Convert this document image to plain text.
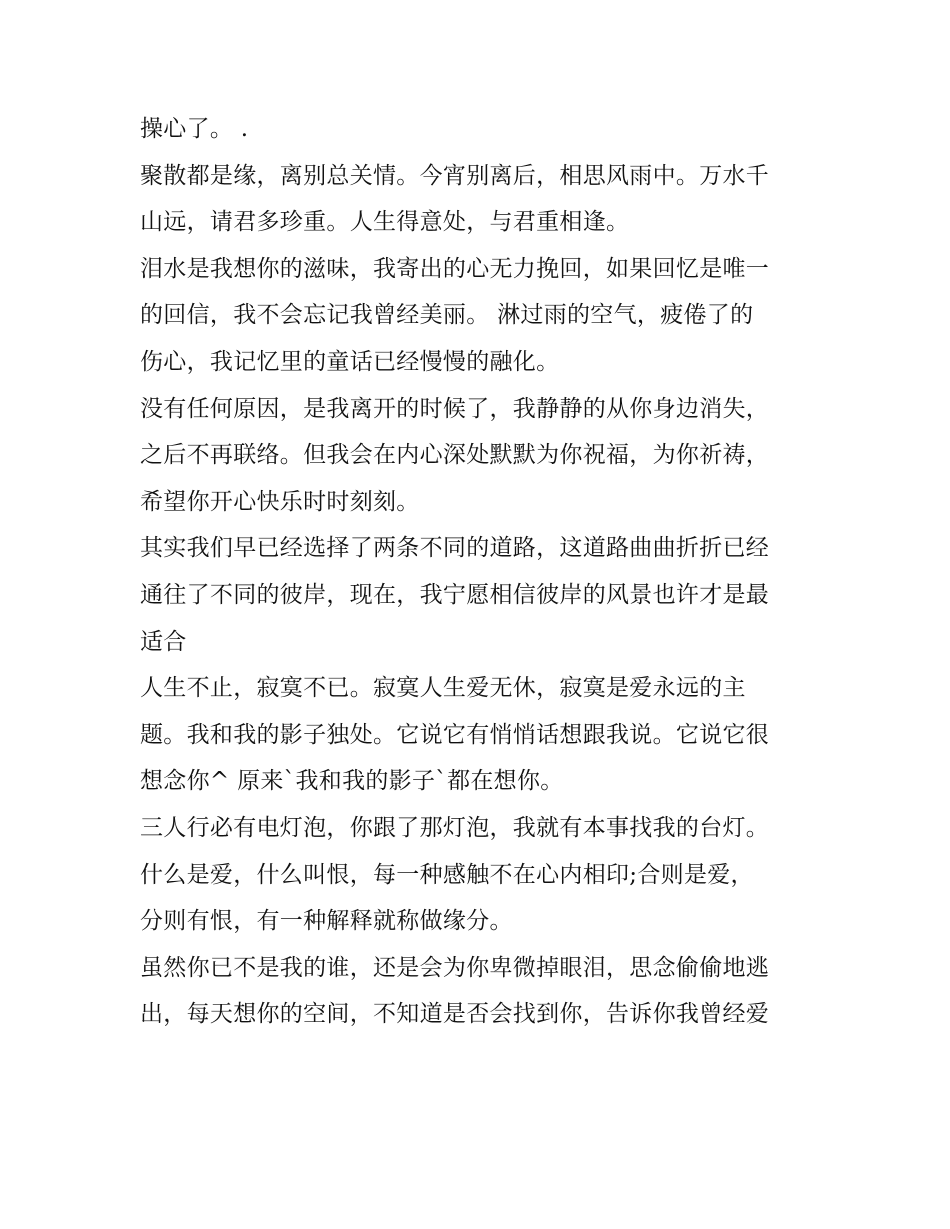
操心了。 .
聚散都是缘，离别总关情。今宵别离后，相思风雨中。万水千
山远，请君多珍重。人生得意处，与君重相逢。
泪水是我想你的滋味，我寄出的心无力挽回，如果回忆是唯一
的回信，我不会忘记我曾经美丽。 淋过雨的空气，疲倦了的
伤心，我记忆里的童话已经慢慢的融化。
没有任何原因，是我离开的时候了，我静静的从你身边消失，
之后不再联络。但我会在内心深处默默为你祝福，为你祈祷，
希望你开心快乐时时刻刻。
其实我们早已经选择了两条不同的道路，这道路曲曲折折已经
通往了不同的彼岸，现在，我宁愿相信彼岸的风景也许才是最
适合
人生不止，寂寞不已。寂寞人生爱无休，寂寞是爱永远的主
题。我和我的影子独处。它说它有悄悄话想跟我说。它说它很
想念你^ 原来`我和我的影子`都在想你。
三人行必有电灯泡，你跟了那灯泡，我就有本事找我的台灯。
什么是爱，什么叫恨，每一种感触不在心内相印;合则是爱，
分则有恨，有一种解释就称做缘分。
虽然你已不是我的谁，还是会为你卑微掉眼泪，思念偷偷地逃
出，每天想你的空间，不知道是否会找到你，告诉你我曾经爱
